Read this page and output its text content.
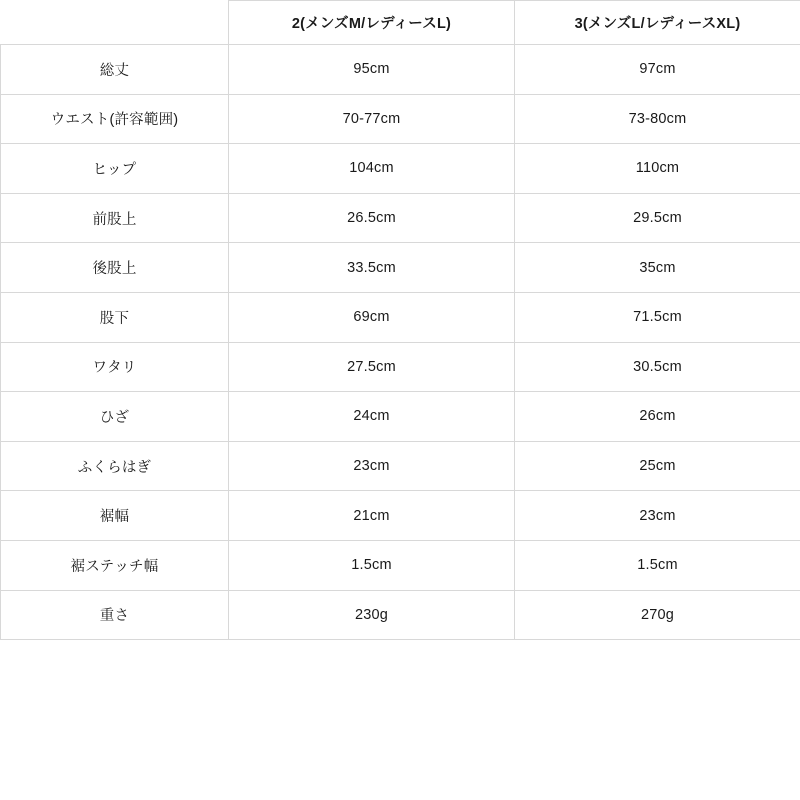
	2(メンズM/レディースL)	3(メンズL/レディースXL)
総丈	95cm	97cm
ウエスト(許容範囲)	70-77cm	73-80cm
ヒップ	104cm	110cm
前股上	26.5cm	29.5cm
後股上	33.5cm	35cm
股下	69cm	71.5cm
ワタリ	27.5cm	30.5cm
ひざ	24cm	26cm
ふくらはぎ	23cm	25cm
裾幅	21cm	23cm
裾ステッチ幅	1.5cm	1.5cm
重さ	230g	270g
